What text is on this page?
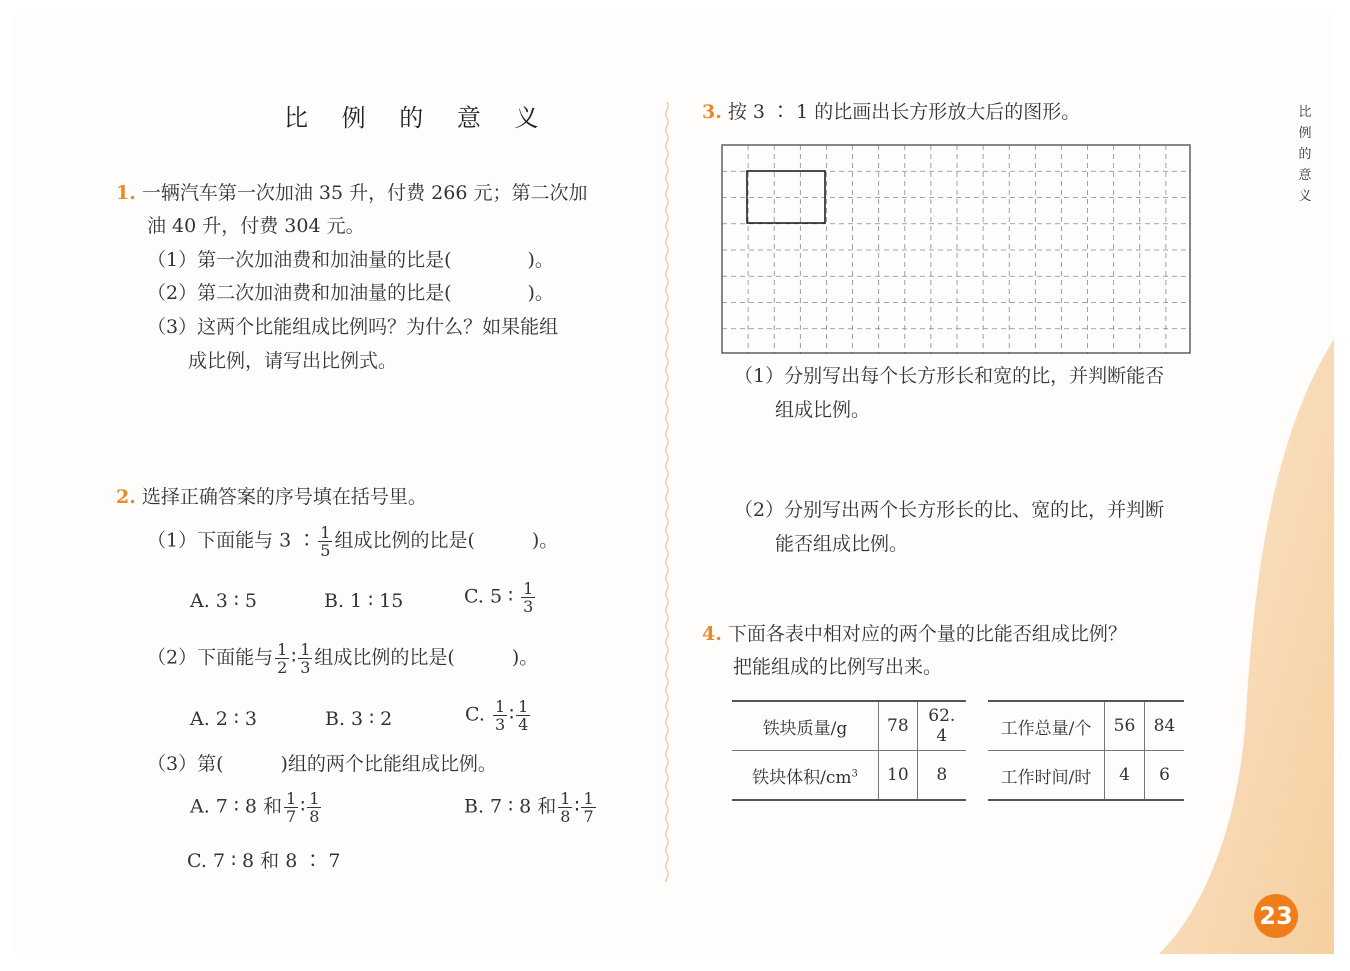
比 例 的 意 义
1. 一辆汽车第一次加油 35 升，付费 266 元；第二次加
油 40 升，付费 304 元。
（1）第一次加油费和加油量的比是(　　　　)。
（2）第二次加油费和加油量的比是(　　　　)。
（3）这两个比能组成比例吗？为什么？如果能组
成比例，请写出比例式。
2. 选择正确答案的序号填在括号里。
（1）下面能与 3 ∶ $\frac{1}{5}$ 组成比例的比是(　　　)。
A. 3 ∶ 5	B. 1 ∶ 15	C. 5 ∶ $\frac{1}{3}$
（2）下面能与 $\frac{1}{2}$ ∶ $\frac{1}{3}$ 组成比例的比是(　　　)。
A. 2 ∶ 3	B. 3 ∶ 2	C. $\frac{1}{3}$ ∶ $\frac{1}{4}$
（3）第(　　　)组的两个比能组成比例。
A. 7 ∶ 8 和 $\frac{1}{7}$ ∶ $\frac{1}{8}$	B. 7 ∶ 8 和 $\frac{1}{8}$ ∶ $\frac{1}{7}$
C. 7 ∶ 8 和 8 ∶ 7
3. 按 3 ∶ 1 的比画出长方形放大后的图形。
（1）分别写出每个长方形长和宽的比，并判断能否
组成比例。
（2）分别写出两个长方形长的比、宽的比，并判断
能否组成比例。
4. 下面各表中相对应的两个量的比能否组成比例？
把能组成的比例写出来。
铁块质量/g	78	62. 4
铁块体积$/cm^3$	10	8
工作总量/个	56	84
工作时间/时	4	6
比例的意义
23
